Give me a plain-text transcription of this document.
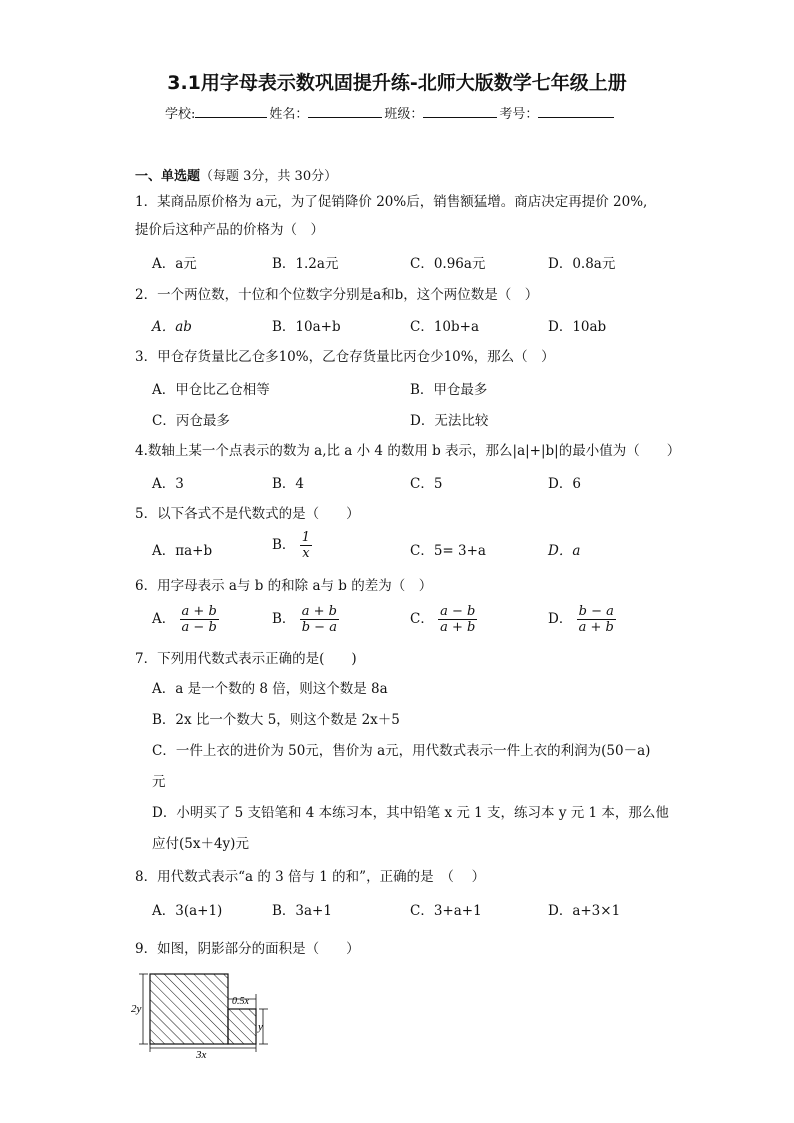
3.1用字母表示数巩固提升练-北师大版数学七年级上册
学校:	姓名：	班级：	考号：
一、单选题（每题 3分，共 30分）
1．某商品原价格为 a元，为了促销降价 20%后，销售额猛增。商店决定再提价 20%,
提价后这种产品的价格为（　）
A．a元	B．1.2a元	C．0.96a元	D．0.8a元
2．一个两位数，十位和个位数字分别是a和b，这个两位数是（　）
A．ab	B．10a+b	C．10b+a	D．10ab
3．甲仓存货量比乙仓多10%，乙仓存货量比丙仓少10%，那么（　）
A．甲仓比乙仓相等	B．甲仓最多
C．丙仓最多	D．无法比较
4.数轴上某一个点表示的数为 a,比 a 小 4 的数用 b 表示，那么|a|+|b|的最小值为（　　）
A．3	B．4	C．5	D．6
5．以下各式不是代数式的是（　　）
A．πa+b	B． $\frac{1}{x}$	C．5= 3+a	D．a
6．用字母表示 a与 b 的和除 a与 b 的差为（　）
A． $\frac{a + b}{a - b}$	B． $\frac{a + b}{b - a}$	C． $\frac{a - b}{a + b}$	D． $\frac{b - a}{a + b}$
7．下列用代数式表示正确的是(　　)
A．a 是一个数的 8 倍，则这个数是 8a
B．2x 比一个数大 5，则这个数是 2x＋5
C．一件上衣的进价为 50元，售价为 a元，用代数式表示一件上衣的利润为(50－a)
元
D．小明买了 5 支铅笔和 4 本练习本，其中铅笔 x 元 1 支，练习本 y 元 1 本，那么他
应付(5x＋4y)元
8．用代数式表示“a 的 3 倍与 1 的和”，正确的是　（　 ）
A．3(a+1)	B．3a+1	C．3+a+1	D．a+3×1
9．如图，阴影部分的面积是（　　）
2y
0.5x
y
3x
